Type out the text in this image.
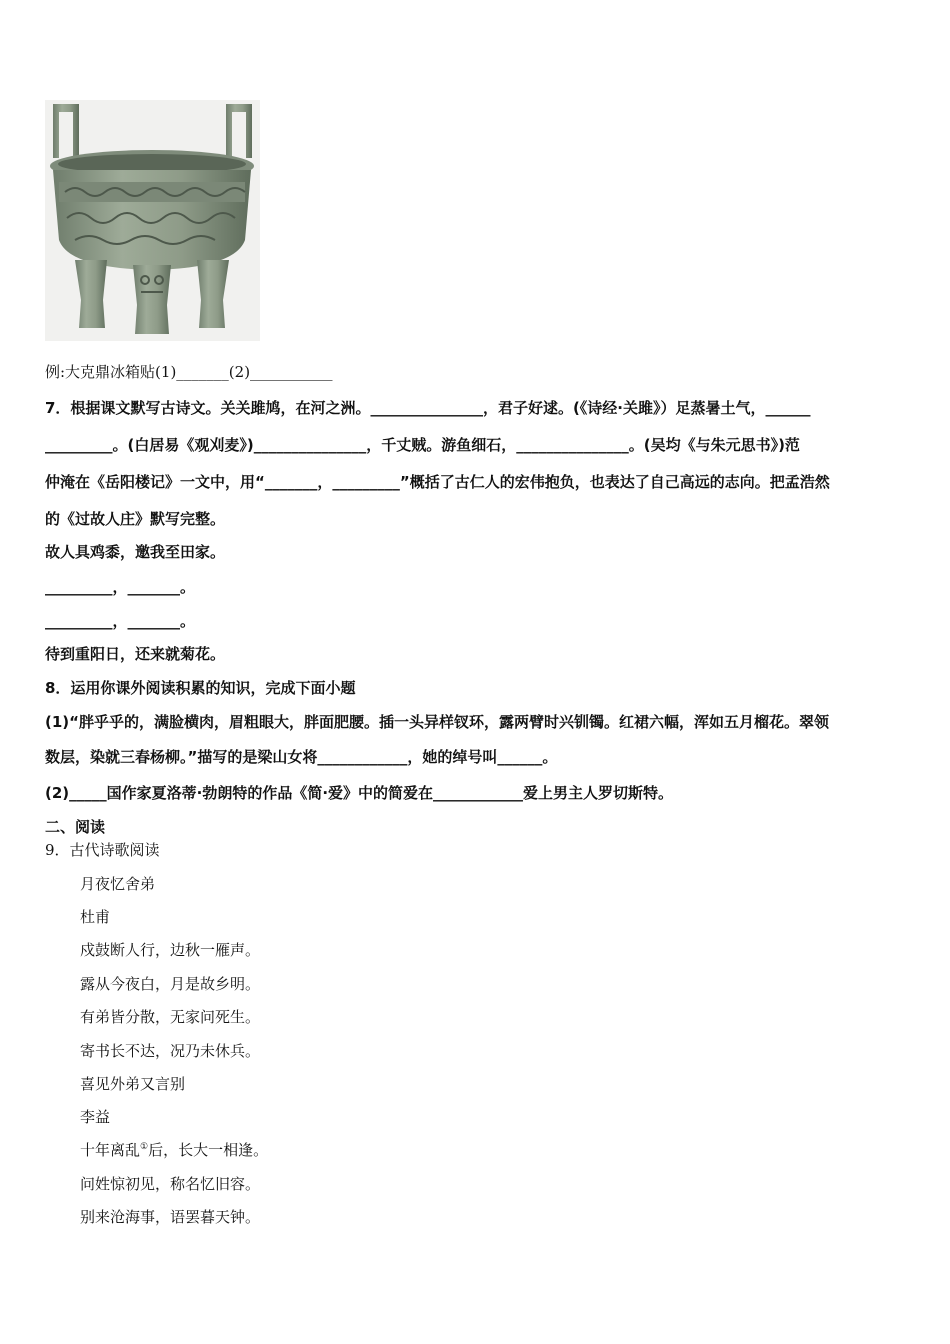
例:大克鼎冰箱贴(1)_______(2)___________
7．根据课文默写古诗文。关关雎鸠，在河之洲。_______________，君子好逑。(《诗经·关雎》）足蒸暑土气，______
_________。(白居易《观刈麦》)_______________，千丈贼。游鱼细石，_______________。(吴均《与朱元思书》)范
仲淹在《岳阳楼记》一文中，用“_______，_________”概括了古仁人的宏伟抱负，也表达了自己高远的志向。把孟浩然
的《过故人庄》默写完整。
故人具鸡黍，邀我至田家。
_________，_______。
_________，_______。
待到重阳日，还来就菊花。
8．运用你课外阅读积累的知识，完成下面小题
(1)“胖乎乎的，满脸横肉，眉粗眼大，胖面肥腰。插一头异样钗环，露两臂时兴钏镯。红裙六幅，浑如五月榴花。翠领
数层，染就三春杨柳。”描写的是梁山女将____________，她的绰号叫______。
(2)_____国作家夏洛蒂·勃朗特的作品《简·爱》中的简爱在____________爱上男主人罗切斯特。
二、阅读
9．古代诗歌阅读
月夜忆舍弟
杜甫
戍鼓断人行，边秋一雁声。
露从今夜白，月是故乡明。
有弟皆分散，无家问死生。
寄书长不达，况乃未休兵。
喜见外弟又言别
李益
十年离乱①后，长大一相逢。
问姓惊初见，称名忆旧容。
别来沧海事，语罢暮天钟。
